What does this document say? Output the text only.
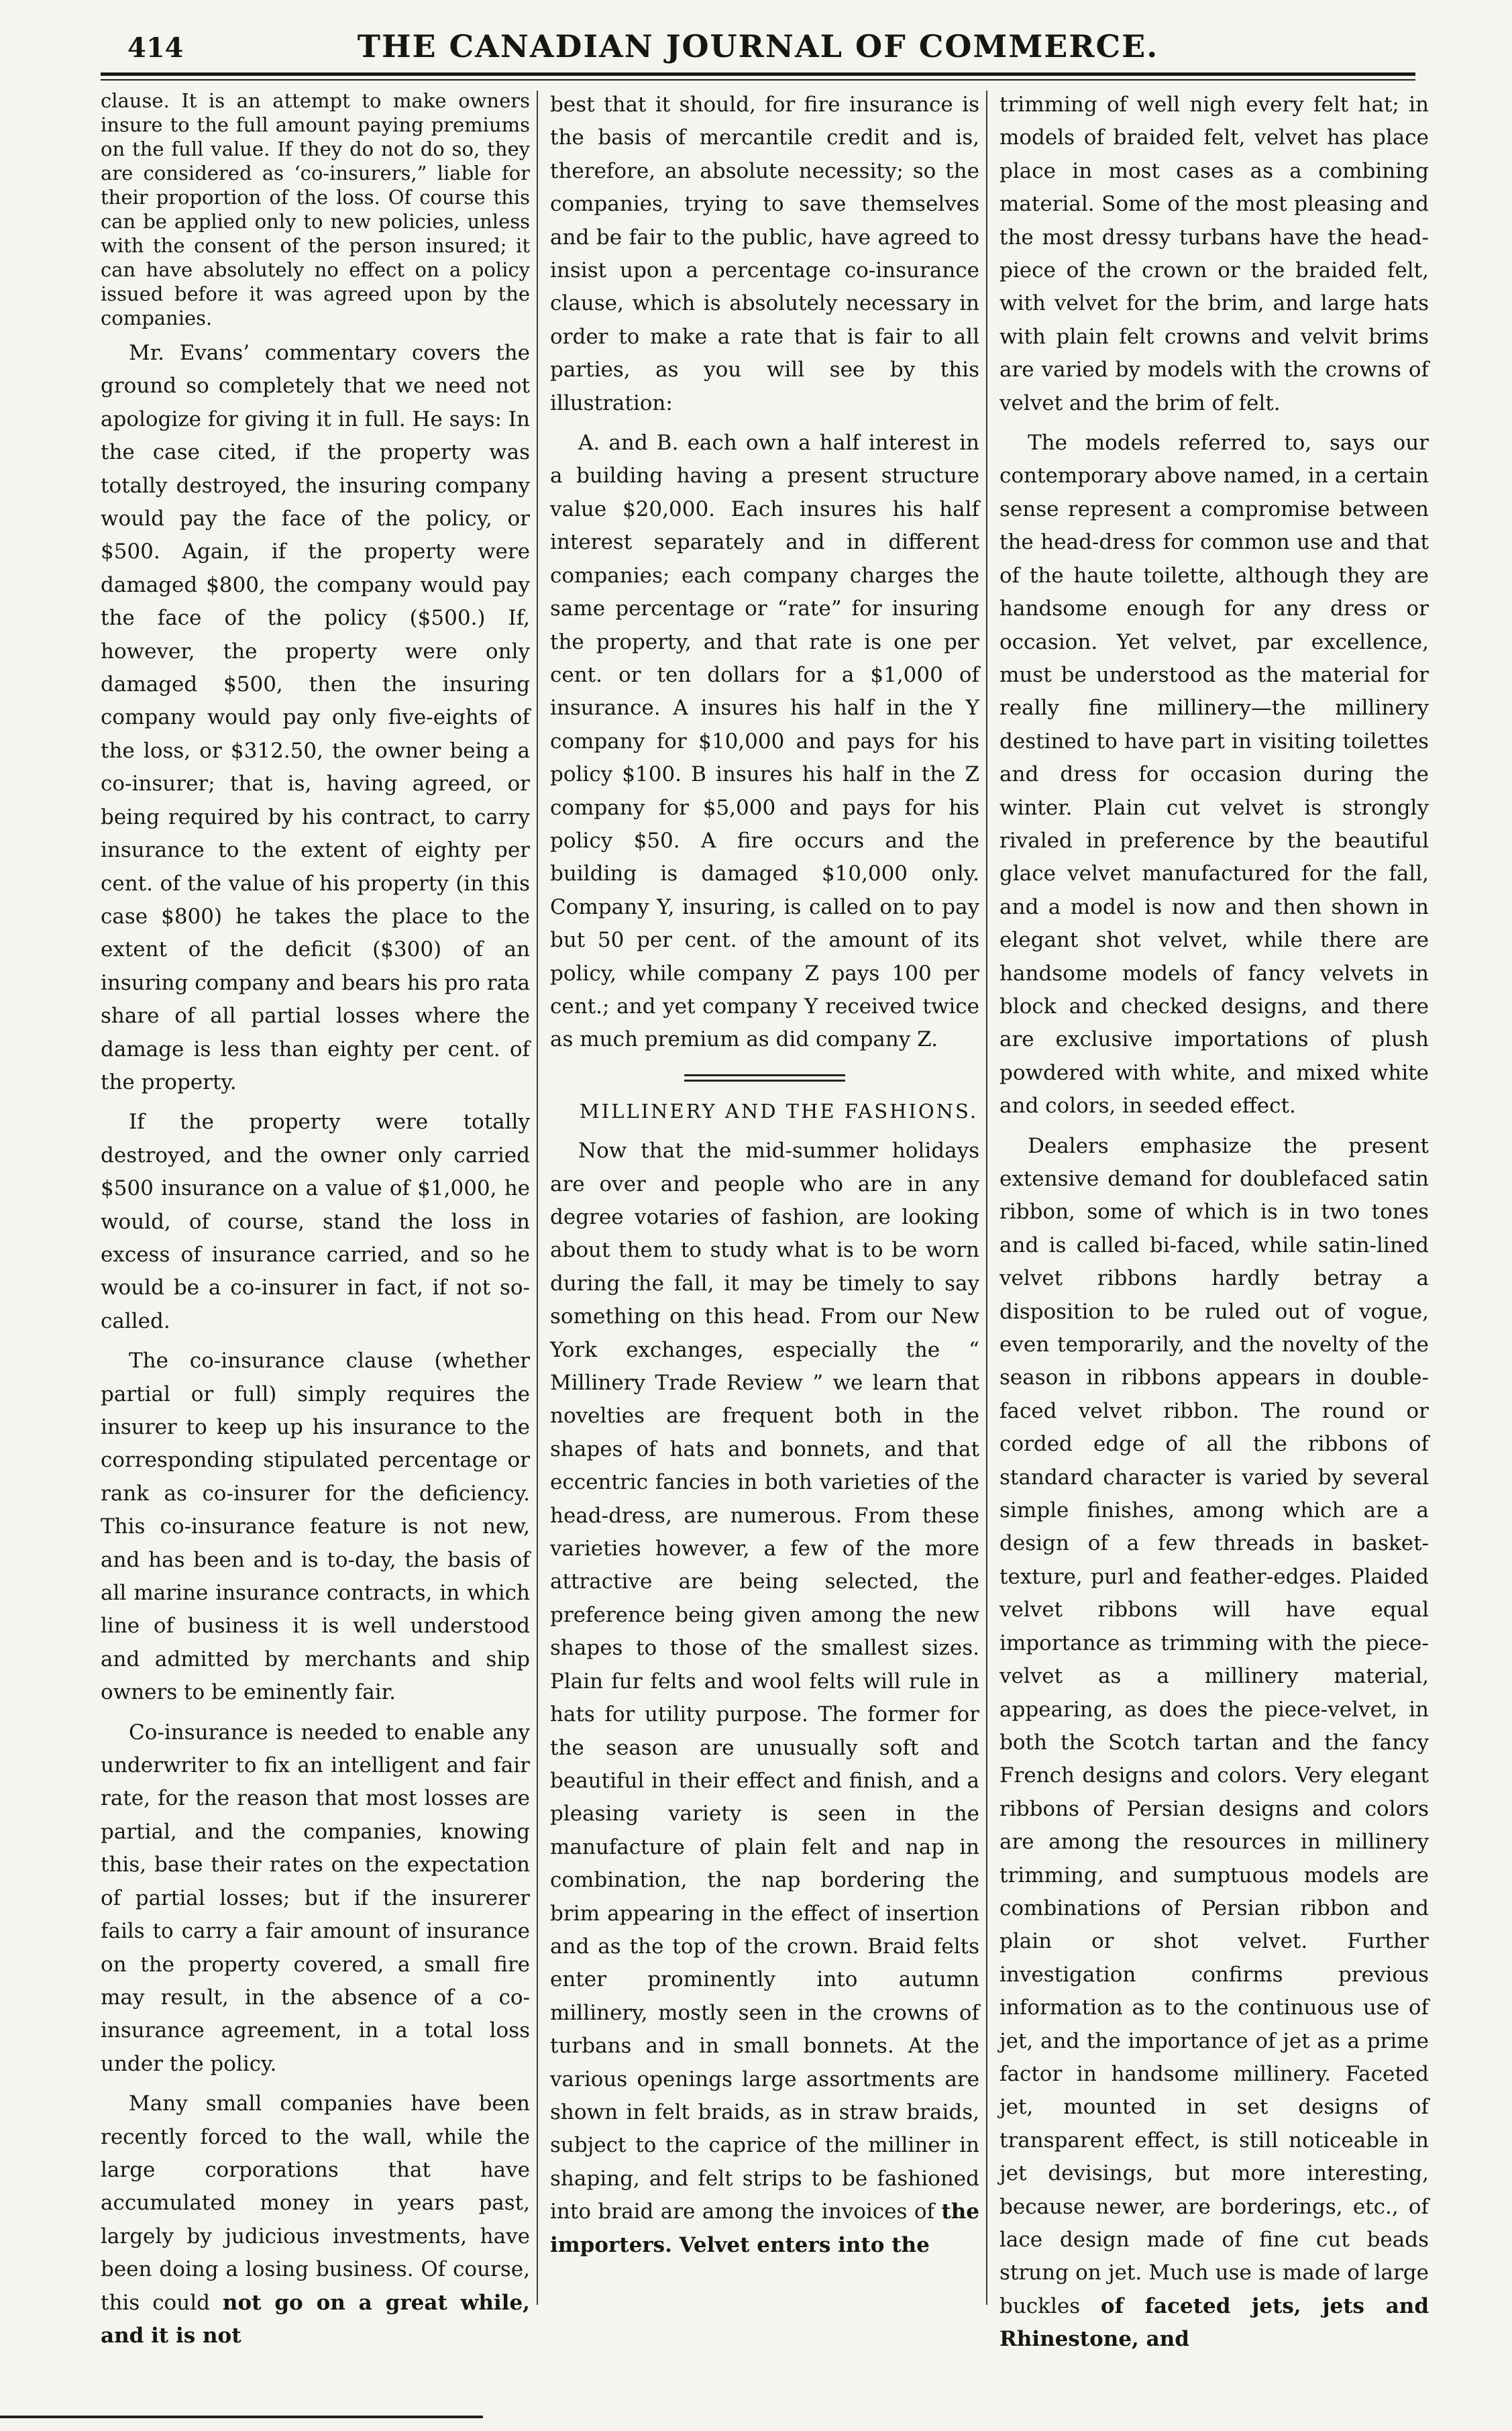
414	THE CANADIAN JOURNAL OF COMMERCE.

clause. It is an attempt to make owners insure to the full amount paying premiums on the full value. If they do not do so, they are considered as ‘co-insurers,” liable for their proportion of the loss. Of course this can be applied only to new policies, unless with the consent of the person insured; it can have absolutely no effect on a policy issued before it was agreed upon by the companies.

Mr. Evans’ commentary covers the ground so completely that we need not apologize for giving it in full. He says: In the case cited, if the property was totally destroyed, the insuring company would pay the face of the policy, or $500. Again, if the property were damaged $800, the company would pay the face of the policy ($500.) If, however, the property were only damaged $500, then the insuring company would pay only five-eights of the loss, or $312.50, the owner being a co-insurer; that is, having agreed, or being required by his contract, to carry insurance to the extent of eighty per cent. of the value of his property (in this case $800) he takes the place to the extent of the deficit ($300) of an insuring company and bears his pro rata share of all partial losses where the damage is less than eighty per cent. of the property.

If the property were totally destroyed, and the owner only carried $500 insurance on a value of $1,000, he would, of course, stand the loss in excess of insurance carried, and so he would be a co-insurer in fact, if not so-called.

The co-insurance clause (whether partial or full) simply requires the insurer to keep up his insurance to the corresponding stipulated percentage or rank as co-insurer for the deficiency. This co-insurance feature is not new, and has been and is to-day, the basis of all marine insurance contracts, in which line of business it is well understood and admitted by merchants and ship owners to be eminently fair.

Co-insurance is needed to enable any underwriter to fix an intelligent and fair rate, for the reason that most losses are partial, and the companies, knowing this, base their rates on the expectation of partial losses; but if the insurerer fails to carry a fair amount of insurance on the property covered, a small fire may result, in the absence of a co-insurance agreement, in a total loss under the policy.

Many small companies have been recently forced to the wall, while the large corporations that have accumulated money in years past, largely by judicious investments, have been doing a losing business. Of course, this could not go on a great while, and it is not

best that it should, for fire insurance is the basis of mercantile credit and is, therefore, an absolute necessity; so the companies, trying to save themselves and be fair to the public, have agreed to insist upon a percentage co-insurance clause, which is absolutely necessary in order to make a rate that is fair to all parties, as you will see by this illustration:

A. and B. each own a half interest in a building having a present structure value $20,000. Each insures his half interest separately and in different companies; each company charges the same percentage or “rate” for insuring the property, and that rate is one per cent. or ten dollars for a $1,000 of insurance. A insures his half in the Y company for $10,000 and pays for his policy $100. B insures his half in the Z company for $5,000 and pays for his policy $50. A fire occurs and the building is damaged $10,000 only. Company Y, insuring, is called on to pay but 50 per cent. of the amount of its policy, while company Z pays 100 per cent.; and yet company Y received twice as much premium as did company Z.

MILLINERY AND THE FASHIONS.

Now that the mid-summer holidays are over and people who are in any degree votaries of fashion, are looking about them to study what is to be worn during the fall, it may be timely to say something on this head. From our New York exchanges, especially the “ Millinery Trade Review ” we learn that novelties are frequent both in the shapes of hats and bonnets, and that eccentric fancies in both varieties of the head-dress, are numerous. From these varieties however, a few of the more attractive are being selected, the preference being given among the new shapes to those of the smallest sizes. Plain fur felts and wool felts will rule in hats for utility purpose. The former for the season are unusually soft and beautiful in their effect and finish, and a pleasing variety is seen in the manufacture of plain felt and nap in combination, the nap bordering the brim appearing in the effect of insertion and as the top of the crown. Braid felts enter prominently into autumn millinery, mostly seen in the crowns of turbans and in small bonnets. At the various openings large assortments are shown in felt braids, as in straw braids, subject to the caprice of the milliner in shaping, and felt strips to be fashioned into braid are among the invoices of the importers. Velvet enters into the

trimming of well nigh every felt hat; in models of braided felt, velvet has place place in most cases as a combining material. Some of the most pleasing and the most dressy turbans have the head-piece of the crown or the braided felt, with velvet for the brim, and large hats with plain felt crowns and velvit brims are varied by models with the crowns of velvet and the brim of felt.

The models referred to, says our contemporary above named, in a certain sense represent a compromise between the head-dress for common use and that of the haute toilette, although they are handsome enough for any dress or occasion. Yet velvet, par excellence, must be understood as the material for really fine millinery—the millinery destined to have part in visiting toilettes and dress for occasion during the winter. Plain cut velvet is strongly rivaled in preference by the beautiful glace velvet manufactured for the fall, and a model is now and then shown in elegant shot velvet, while there are handsome models of fancy velvets in block and checked designs, and there are exclusive importations of plush powdered with white, and mixed white and colors, in seeded effect.

Dealers emphasize the present extensive demand for doublefaced satin ribbon, some of which is in two tones and is called bi-faced, while satin-lined velvet ribbons hardly betray a disposition to be ruled out of vogue, even temporarily, and the novelty of the season in ribbons appears in double-faced velvet ribbon. The round or corded edge of all the ribbons of standard character is varied by several simple finishes, among which are a design of a few threads in basket-texture, purl and feather-edges. Plaided velvet ribbons will have equal importance as trimming with the piece-velvet as a millinery material, appearing, as does the piece-velvet, in both the Scotch tartan and the fancy French designs and colors. Very elegant ribbons of Persian designs and colors are among the resources in millinery trimming, and sumptuous models are combinations of Persian ribbon and plain or shot velvet. Further investigation confirms previous information as to the continuous use of jet, and the importance of jet as a prime factor in handsome millinery. Faceted jet, mounted in set designs of transparent effect, is still noticeable in jet devisings, but more interesting, because newer, are borderings, etc., of lace design made of fine cut beads strung on jet. Much use is made of large buckles of faceted jets, jets and Rhinestone, and
